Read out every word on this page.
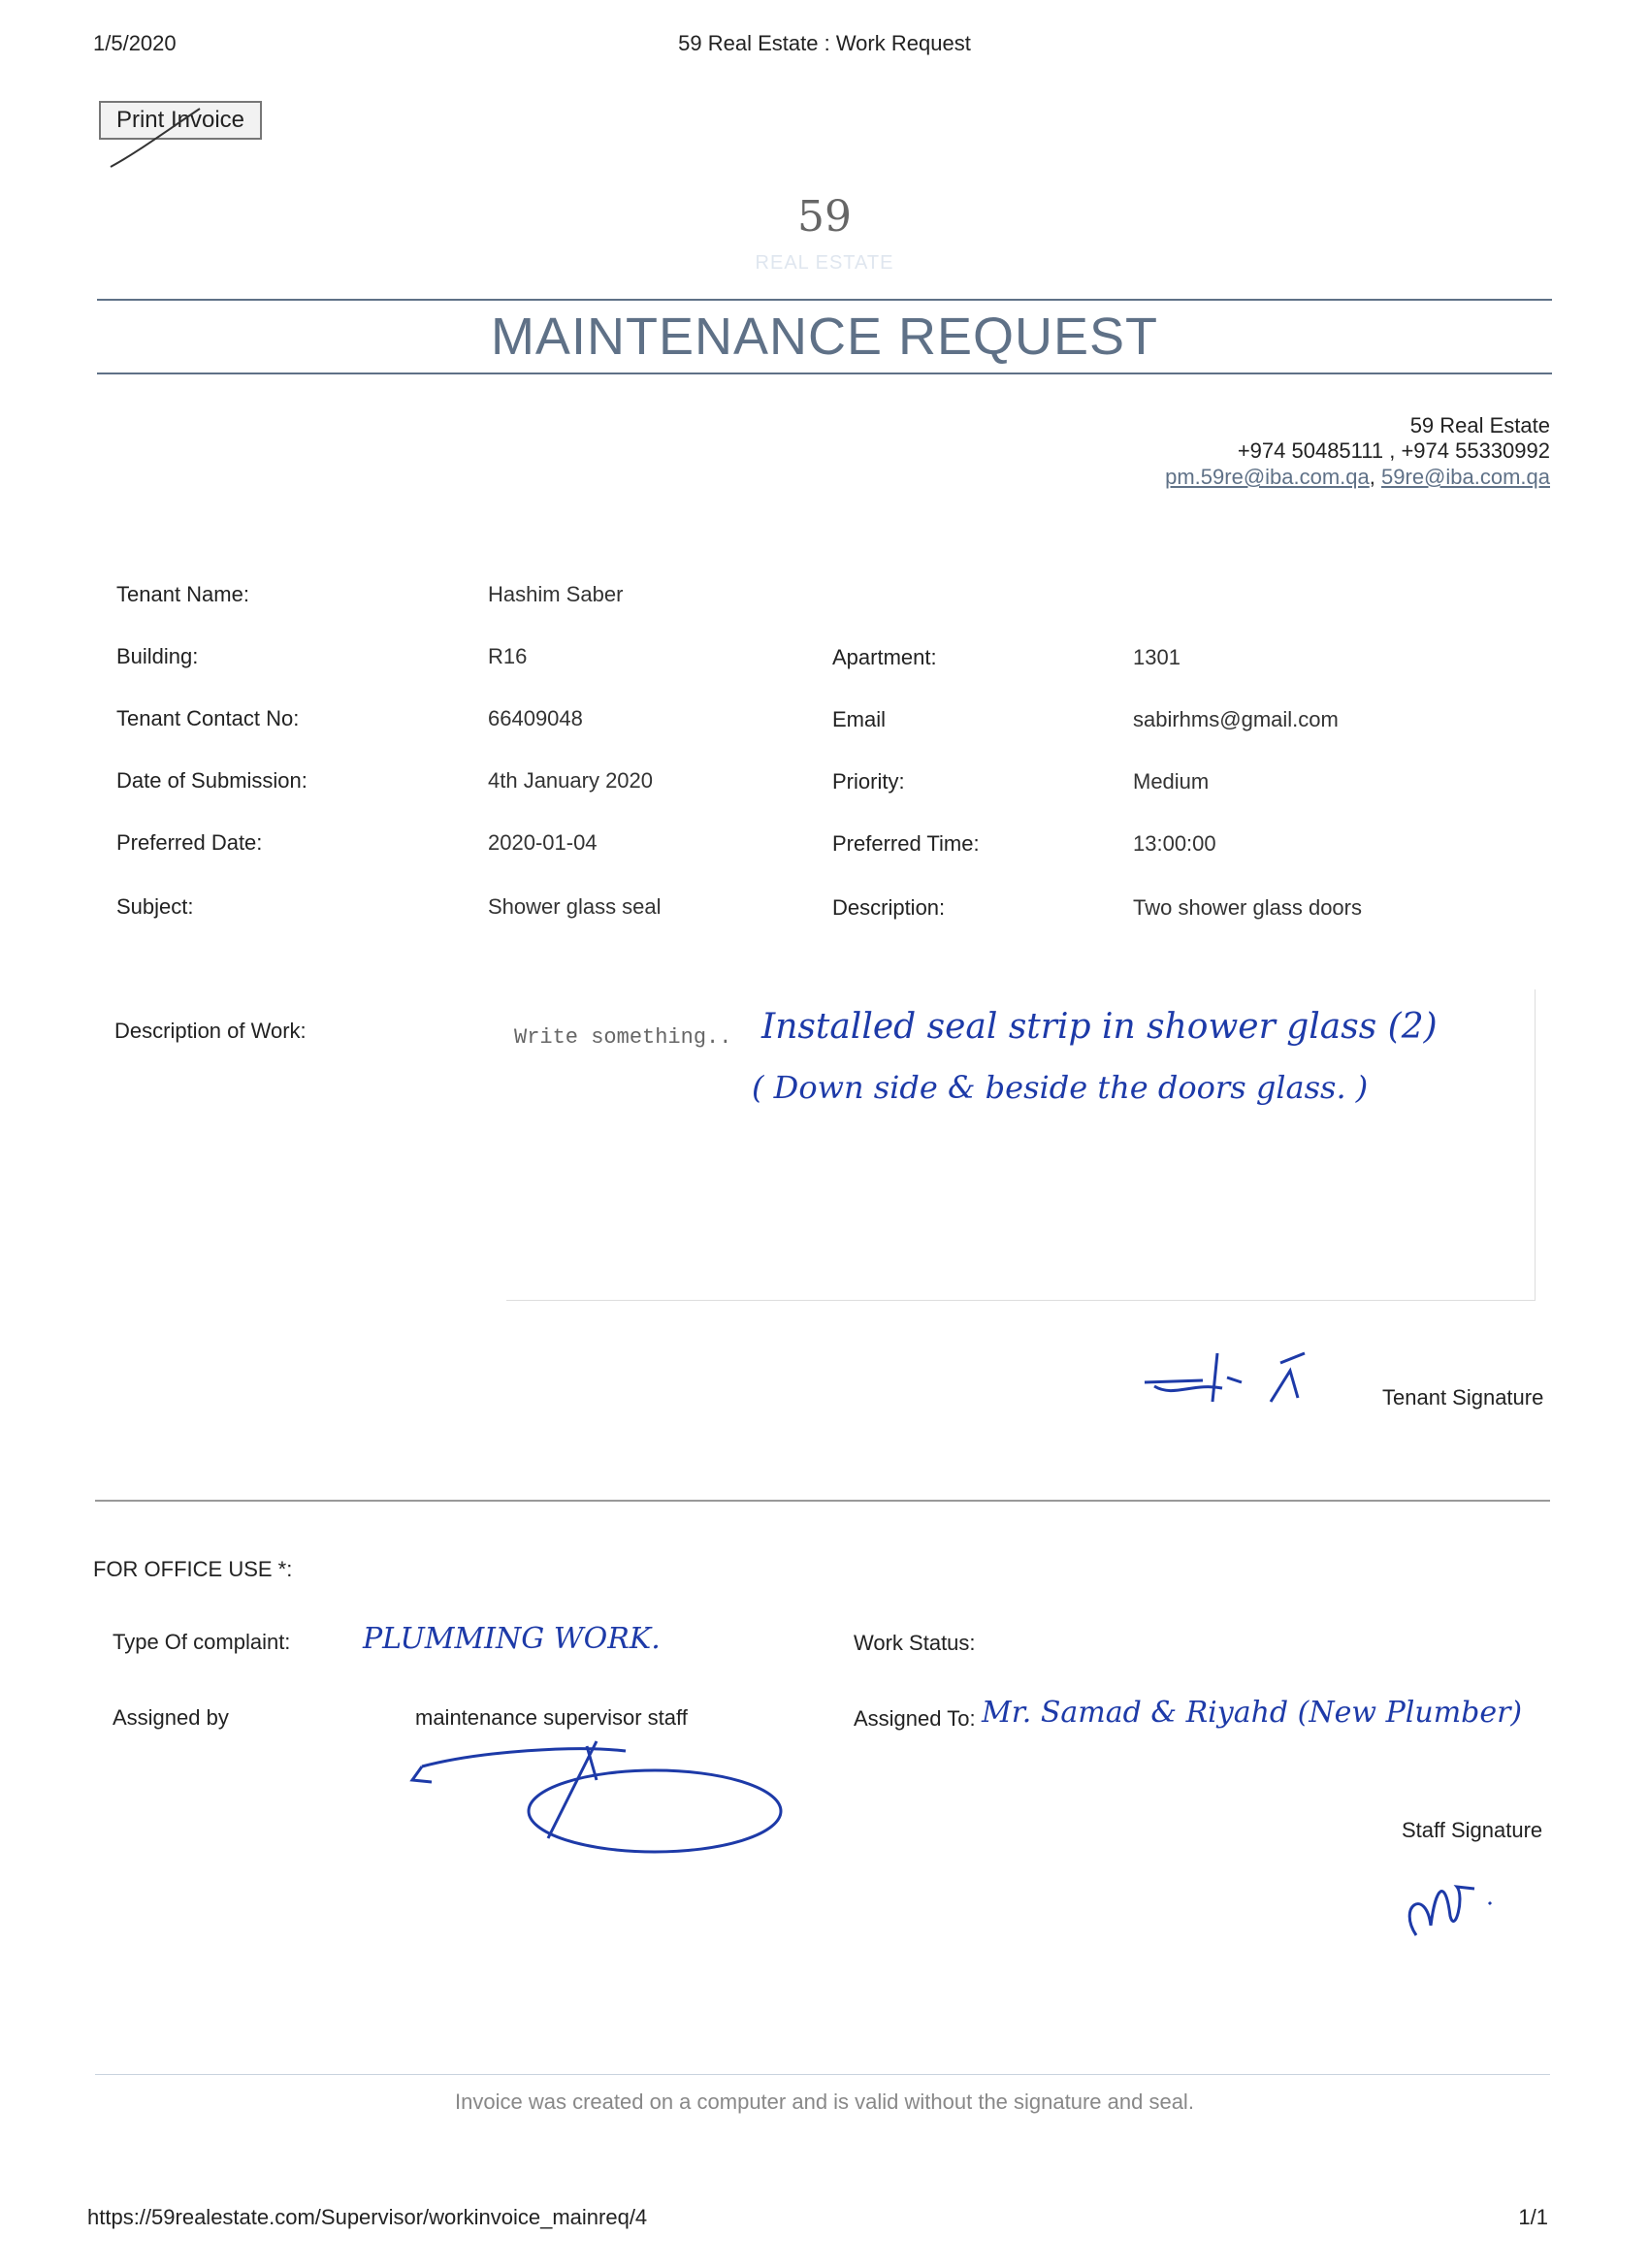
1/5/2020	59 Real Estate : Work Request
Print Invoice
59
REAL ESTATE
MAINTENANCE REQUEST
59 Real Estate
+974 50485111 , +974 55330992
pm.59re@iba.com.qa, 59re@iba.com.qa
Tenant Name:	Hashim Saber
Building:	R16	Apartment:	1301
Tenant Contact No:	66409048	Email	sabirhms@gmail.com
Date of Submission:	4th January 2020	Priority:	Medium
Preferred Date:	2020-01-04	Preferred Time:	13:00:00
Subject:	Shower glass seal	Description:	Two shower glass doors
Description of Work:	Write something.. Installed seal strip in shower glass (2)
( Down side & beside the doors glass. )
Tenant Signature
FOR OFFICE USE *:
Type Of complaint: PLUMMING WORK.	Work Status:
Assigned by	maintenance supervisor staff	Assigned To: Mr. Samad & Riyahd (New Plumber)
Staff Signature
Invoice was created on a computer and is valid without the signature and seal.
https://59realestate.com/Supervisor/workinvoice_mainreq/4	1/1
